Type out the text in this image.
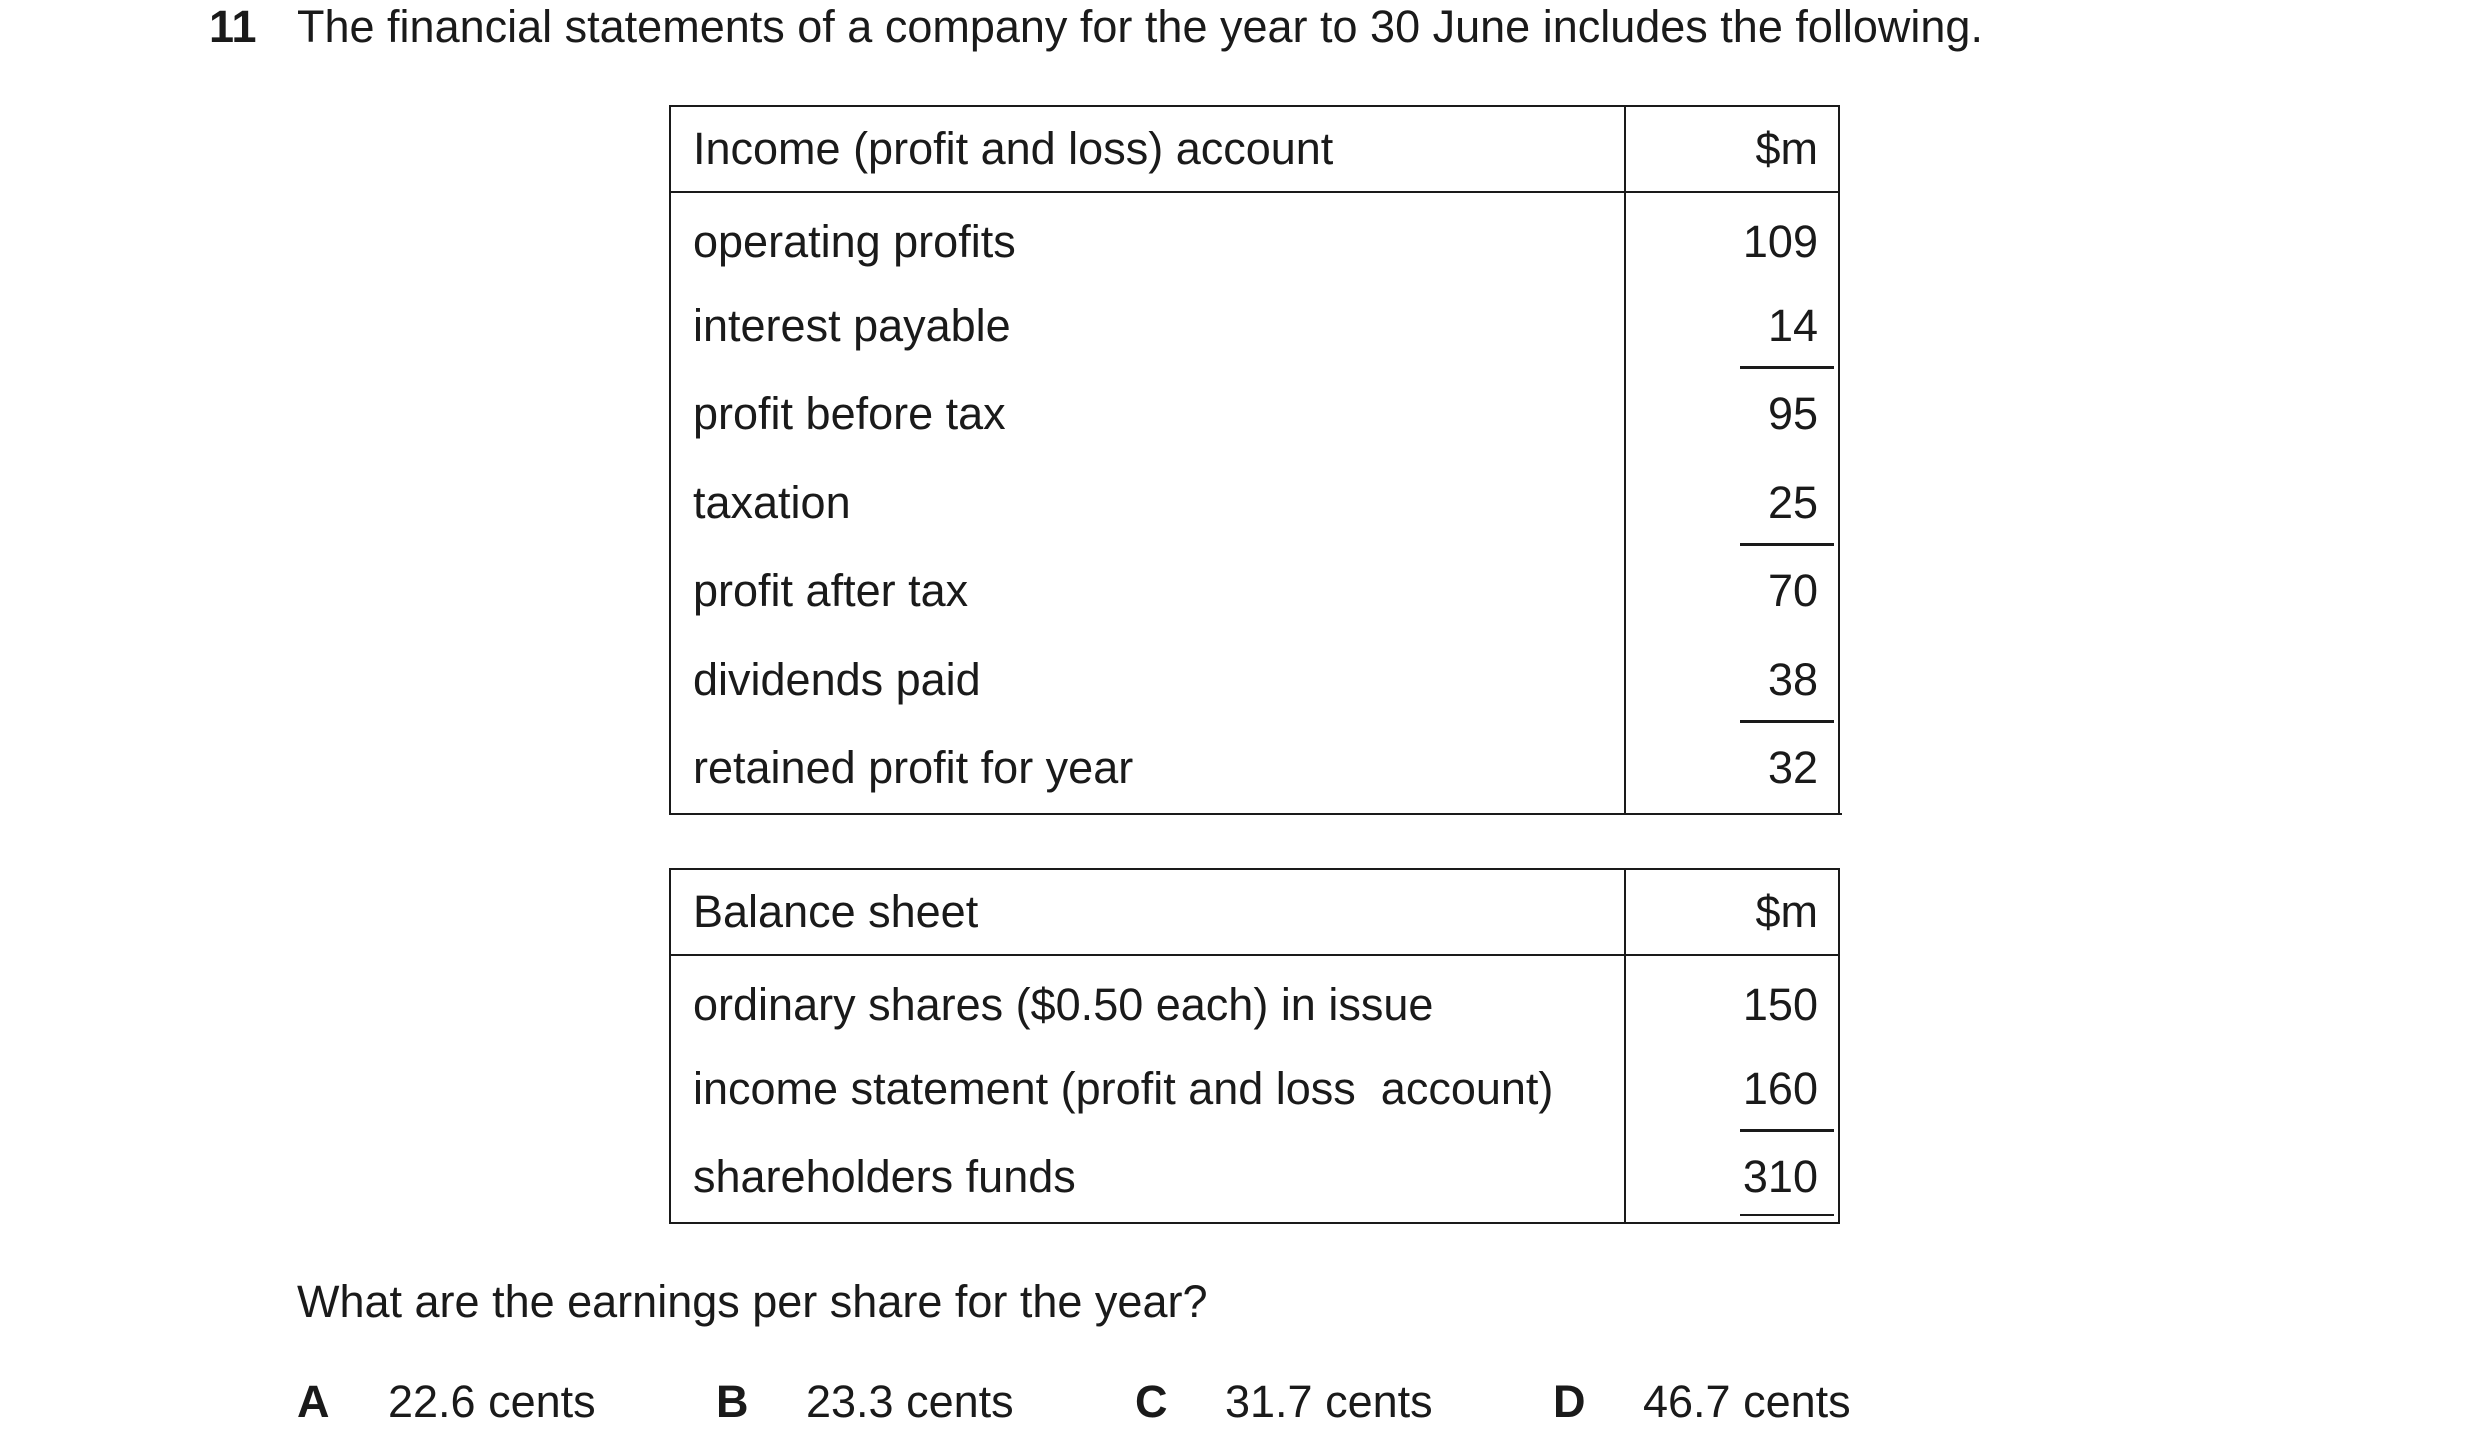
11 The financial statements of a company for the year to 30 June includes the following.
Income (profit and loss) account	$m
operating profits	109
interest payable	14
profit before tax	95
taxation	25
profit after tax	70
dividends paid	38
retained profit for year	32
Balance sheet	$m
ordinary shares ($0.50 each) in issue	150
income statement (profit and loss  account)	160
shareholders funds	310
What are the earnings per share for the year?
A 22.6 cents	B 23.3 cents	C 31.7 cents	D 46.7 cents
